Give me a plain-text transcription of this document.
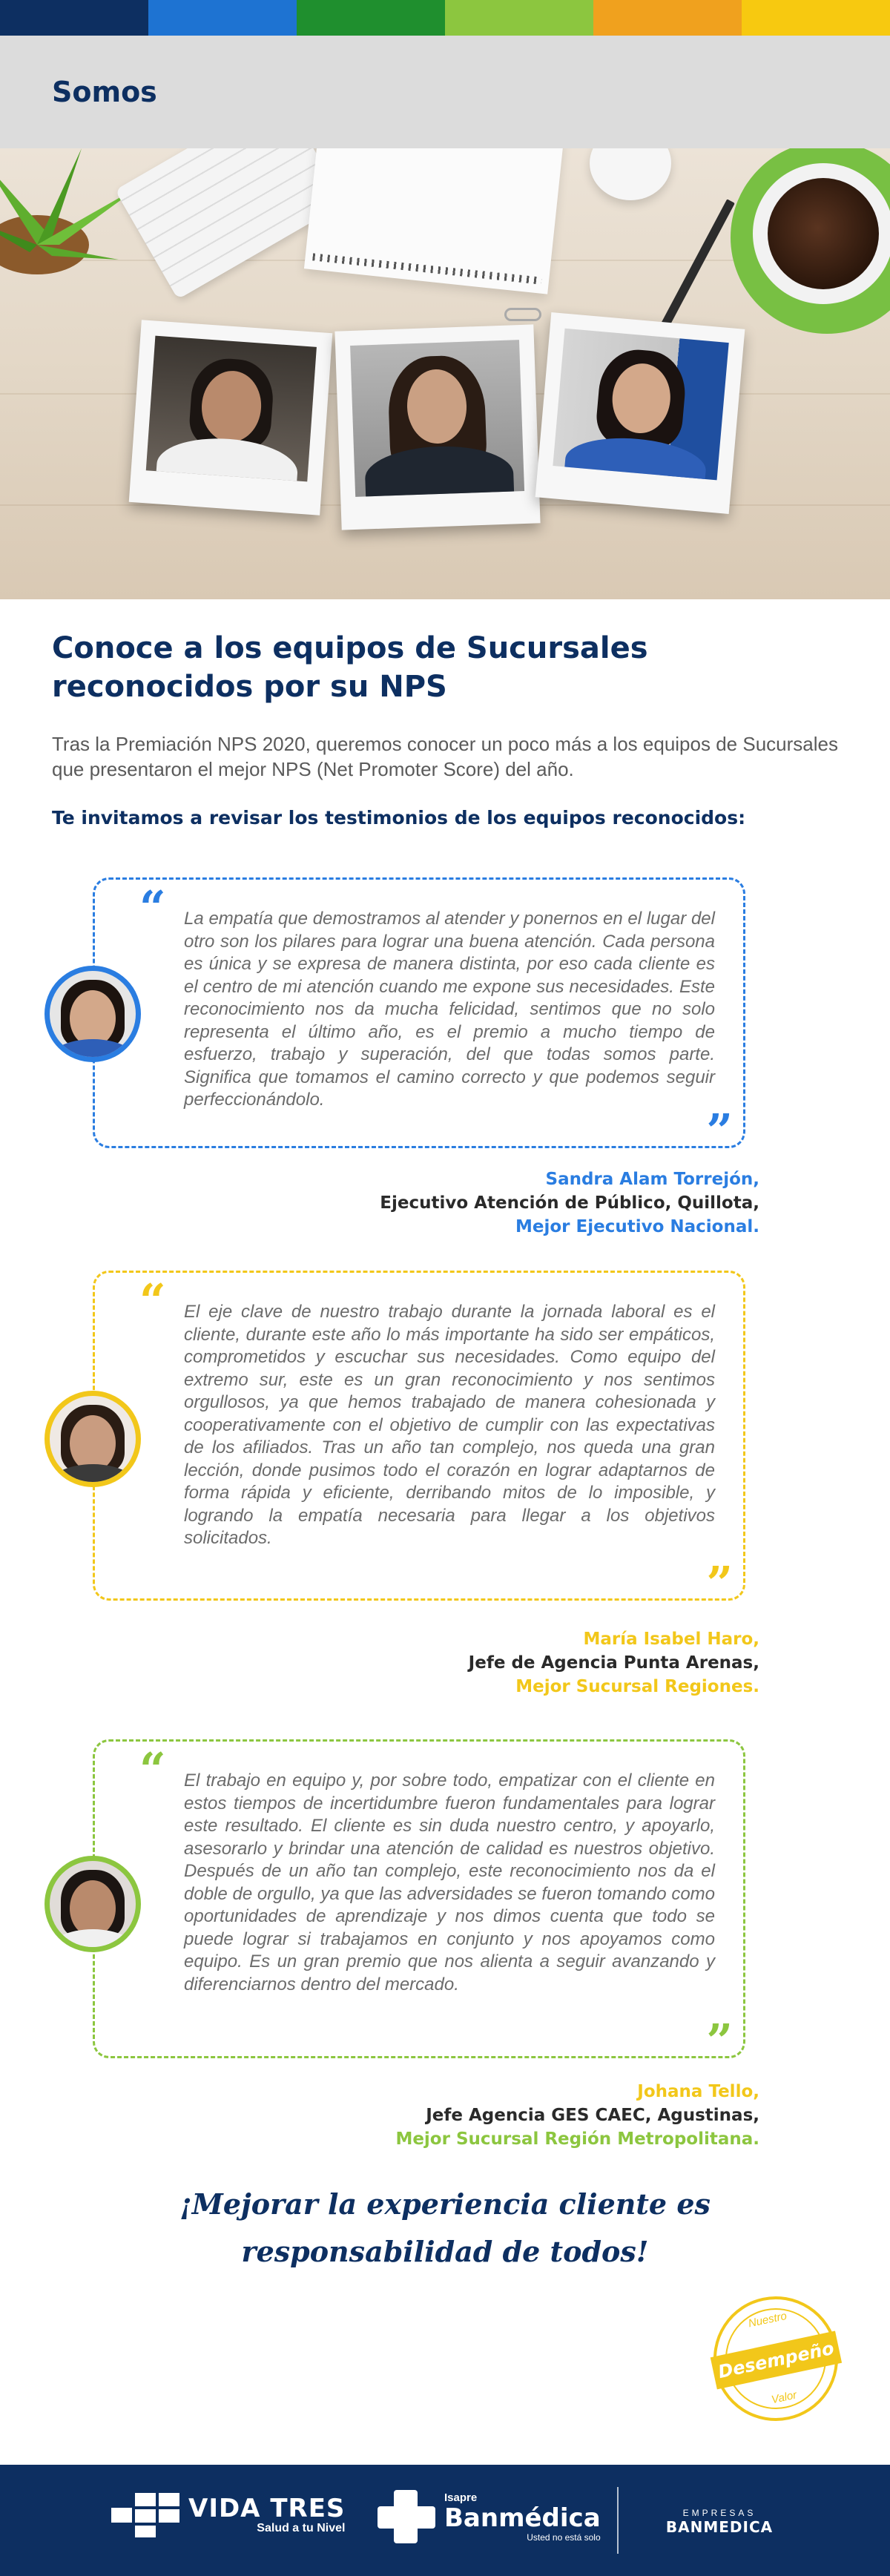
Somos
Conoce a los equipos de Sucursales
reconocidos por su NPS

Tras la Premiación NPS 2020, queremos conocer un poco más a los equipos de Sucursales que presentaron el mejor NPS (Net Promoter Score) del año.

Te invitamos a revisar los testimonios de los equipos reconocidos:

“ La empatía que demostramos al atender y ponernos en el lugar del otro son los pilares para lograr una buena atención. Cada persona es única y se expresa de manera distinta, por eso cada cliente es el centro de mi atención cuando me expone sus necesidades. Este reconocimiento nos da mucha felicidad, sentimos que no solo representa el último año, es el premio a mucho tiempo de esfuerzo, trabajo y superación, del que todas somos parte. Significa que tomamos el camino correcto y que podemos seguir perfeccionándolo.

”
Sandra Alam Torrejón,
Ejecutivo Atención de Público, Quillota,
Mejor Ejecutivo Nacional.
“ El eje clave de nuestro trabajo durante la jornada laboral es el cliente, durante este año lo más importante ha sido ser empáticos, comprometidos y escuchar sus necesidades. Como equipo del extremo sur, este es un gran reconocimiento y nos sentimos orgullosos, ya que hemos trabajado de manera cohesionada y cooperativamente con el objetivo de cumplir con las expectativas de los afiliados. Tras un año tan complejo, nos queda una gran lección, donde pusimos todo el corazón en lograr adaptarnos de forma rápida y eficiente, derribando mitos de lo imposible, y logrando la empatía necesaria para llegar a los objetivos solicitados.

”
María Isabel Haro,
Jefe de Agencia Punta Arenas,
Mejor Sucursal Regiones.
“ El trabajo en equipo y, por sobre todo, empatizar con el cliente en estos tiempos de incertidumbre fueron fundamentales para lograr este resultado. El cliente es sin duda nuestro centro, y apoyarlo, asesorarlo y brindar una atención de calidad es nuestros objetivo. Después de un año tan complejo, este reconocimiento nos da el doble de orgullo, ya que las adversidades se fueron tomando como oportunidades de aprendizaje y nos dimos cuenta que todo se puede lograr si trabajamos en conjunto y nos apoyamos como equipo. Es un gran premio que nos alienta a seguir avanzando y diferenciarnos dentro del mercado.

”
Johana Tello,
Jefe Agencia GES CAEC, Agustinas,
Mejor Sucursal Región Metropolitana.
¡Mejorar la experiencia cliente es
responsabilidad de todos!
Nuestro
Desempeño
Valor
VIDA TRES
Salud a tu Nivel
Isapre
Banmédica
Usted no está solo
EMPRESAS
BANMEDICA
